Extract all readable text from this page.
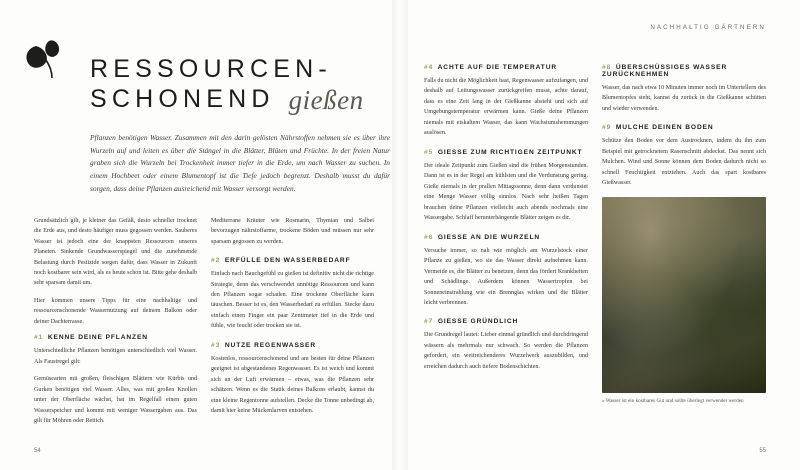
RESSOURCEN-
SCHONEND gießen
Pflanzen benötigen Wasser. Zusammen mit den darin gelösten Nährstoffen nehmen sie es über ihre Wurzeln auf und leiten es über die Stängel in die Blätter, Blüten und Früchte. In der freien Natur graben sich die Wurzeln bei Trockenheit immer tiefer in die Erde, um nach Wasser zu suchen. In einem Hochbeet oder einem Blumentopf ist die Tiefe jedoch begrenzt. Deshalb musst du dafür sorgen, dass deine Pflanzen ausreichend mit Wasser versorgt werden.

Grundsätzlich gilt, je kleiner das Gefäß, desto schneller trocknet die Erde aus, und desto häufiger muss gegossen werden. Sauberes Wasser ist jedoch eine der knappsten Ressourcen unseres Planeten. Sinkende Grundwasserspiegel und die zunehmende Belastung durch Pestizide sorgen dafür, dass Wasser in Zukunft noch kostbarer sein wird, als es heute schon ist. Bitte gehe deshalb sehr sparsam damit um.

Hier kommen unsere Tipps für eine nachhaltige und ressourcenschonende Wassernutzung auf deinem Balkon oder deiner Dachterrasse.

#1 KENNE DEINE PFLANZEN

Unterschiedliche Pflanzen benötigen unterschiedlich viel Wasser. Als Faustregel gilt:

Gemüsearten mit großen, fleischigen Blättern wie Kürbis und Gurken benötigen viel Wasser. Alles, was mit großen Knollen unter der Oberfläche wächst, hat im Regelfall einen guten Wasserspeicher und kommt mit weniger Wassergaben aus. Das gilt für Möhren oder Rettich.

Mediterrane Kräuter wie Rosmarin, Thymian und Salbei bevorzugen nährstoffarme, trockene Böden und müssen nur sehr sparsam gegossen zu werden.

#2 ERFÜLLE DEN WASSERBEDARF

Einfach nach Bauchgefühl zu gießen ist definitiv nicht die richtige Strategie, denn das verschwendet unnötige Ressourcen und kann den Pflanzen sogar schaden. Eine trockene Oberfläche kann täuschen. Besser ist es, den Wasserbedarf zu erfüllen. Stecke dazu einfach einen Finger ein paar Zentimeter tief in die Erde und fühle, wie feucht oder trocken sie ist.

#3 NUTZE REGENWASSER

Kostenlos, ressourcenschonend und am besten für deine Pflanzen geeignet ist abgestandenes Regenwasser. Es ist weich und kommt sich an der Luft erwärmen – etwas, was die Pflanzen sehr schätzen. Wenn es die Statik deines Balkons erlaubt, kannst du eine kleine Regentonne aufstellen. Decke die Tonne unbedingt ab, damit hier keine Mückenlarven entstehen.

54
NACHHALTIG GÄRTNERN
#4 ACHTE AUF DIE TEMPERATUR

Falls du nicht die Möglichkeit hast, Regenwasser aufzufangen, und deshalb auf Leitungswasser zurückgreifen musst, achte darauf, dass es eine Zeit lang in der Gießkanne absteht und sich auf Umgebungstemperatur erwärmen kann. Gieße deine Pflanzen niemals mit eiskaltem Wasser, das kann Wachstumshemmungen auslösen.

#5 GIESSE ZUM RICHTIGEN ZEITPUNKT

Der ideale Zeitpunkt zum Gießen sind die frühen Morgenstunden. Dann ist es in der Regel am kühlsten und die Verdunstung gering. Gieße niemals in der prallen Mittagssonne, denn dann verdunstet eine Menge Wasser völlig sinnlos. Nach sehr heißen Tagen brauchen deine Pflanzen vielleicht auch abends nochmals eine Wassergabe. Schlaff herunterhängende Blätter zeigen es dir.

#6 GIESSE AN DIE WURZELN

Versuche immer, so nah wie möglich am Wurzelstock einer Pflanze zu gießen, wo sie das Wasser direkt aufnehmen kann. Vermeide es, die Blätter zu benetzen, denn das fördert Krankheiten und Schädlinge. Außerdem können Wassertropfen bei Sonneneinstrahlung wie ein Brennglas wirken und die Blätter leicht verbrennen.

#7 GIESSE GRÜNDLICH

Die Grundregel lautet: Lieber einmal gründlich und durchdringend wässern als mehrmals nur schwach. So werden die Pflanzen gefordert, ein weitreichenderes Wurzelwerk auszubilden, und erreichen dadurch auch tiefere Bodenschichten.

#8 ÜBERSCHÜSSIGES WASSER ZURÜCKNEHMEN

Wasser, das nach etwa 10 Minuten immer noch im Untertellern des Blumentopfes steht, kannst du zurück in die Gießkanne schütten und wieder verwenden.

#9 MULCHE DEINEN BODEN

Schütze den Boden vor dem Austrocknen, indem du ihn zum Beispiel mit getrocknetem Rasenschnitt abdeckst. Das nennt sich Mulchen. Wind und Sonne können dem Boden dadurch nicht so schnell Feuchtigkeit entziehen. Auch das spart kostbares Gießwasser.

» Wasser ist ein kostbares Gut und sollte überlegt verwendet werden
55
